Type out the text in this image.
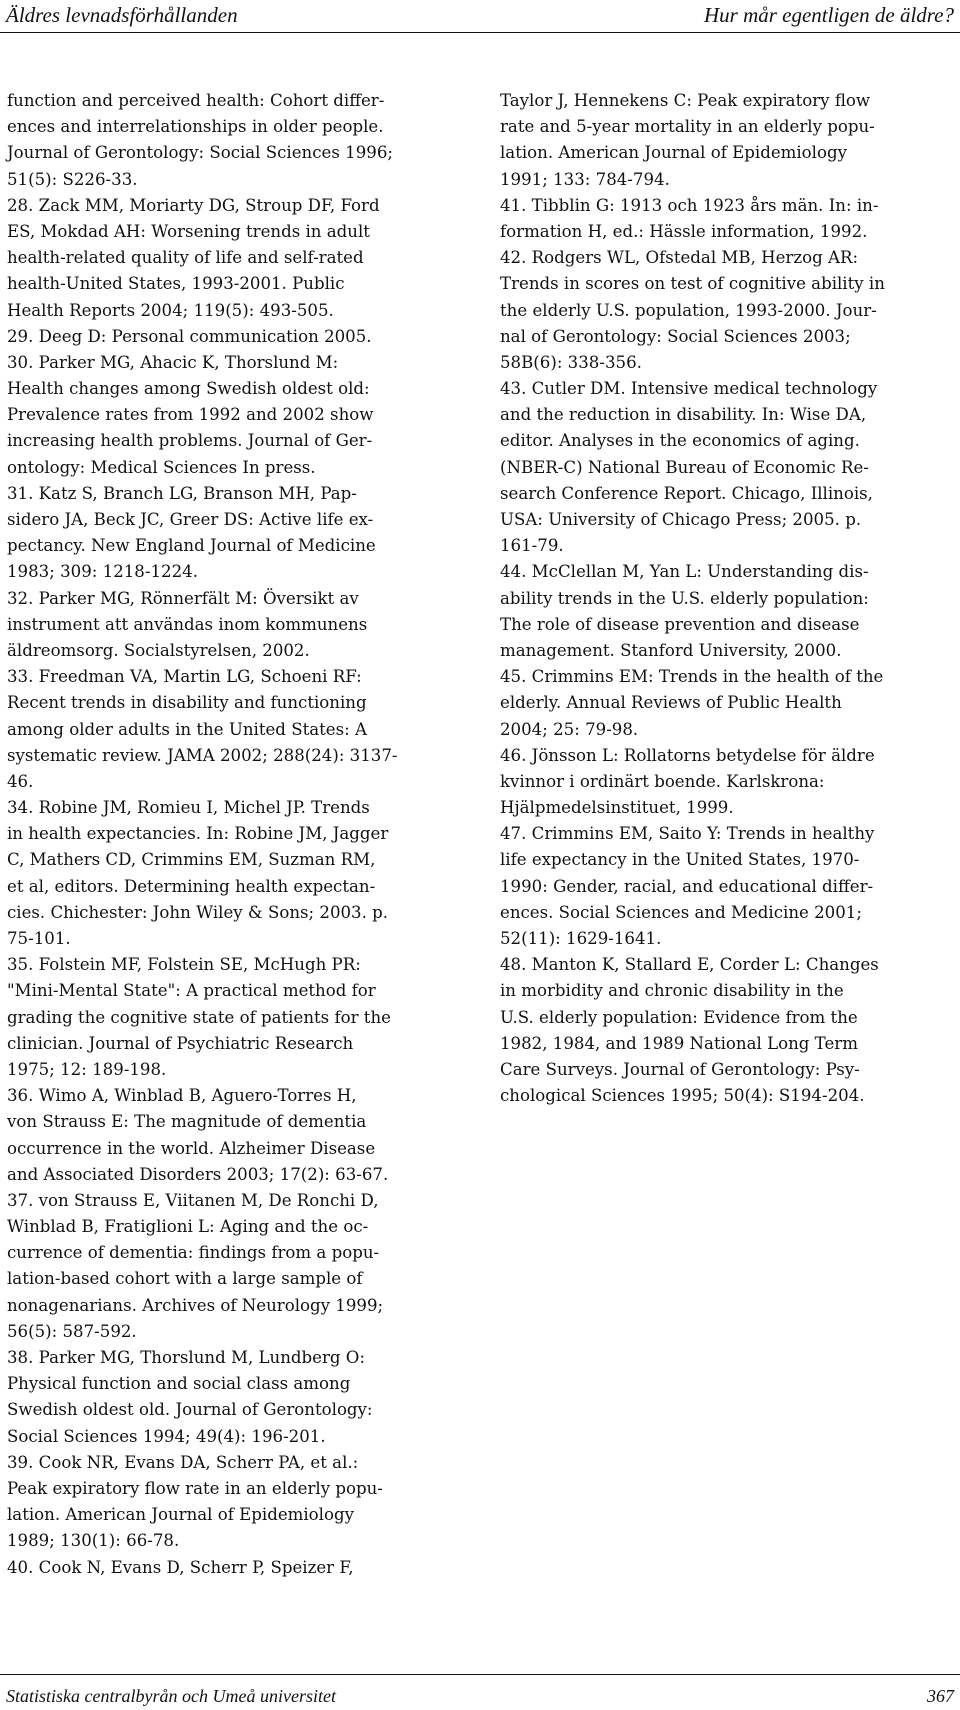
Äldres levnadsförhållanden	Hur mår egentligen de äldre?
function and perceived health: Cohort differ-
ences and interrelationships in older people.
Journal of Gerontology: Social Sciences 1996;
51(5): S226-33.
28. Zack MM, Moriarty DG, Stroup DF, Ford
ES, Mokdad AH: Worsening trends in adult
health-related quality of life and self-rated
health-United States, 1993-2001. Public
Health Reports 2004; 119(5): 493-505.
29. Deeg D: Personal communication 2005.
30. Parker MG, Ahacic K, Thorslund M:
Health changes among Swedish oldest old:
Prevalence rates from 1992 and 2002 show
increasing health problems. Journal of Ger-
ontology: Medical Sciences In press.
31. Katz S, Branch LG, Branson MH, Pap-
sidero JA, Beck JC, Greer DS: Active life ex-
pectancy. New England Journal of Medicine
1983; 309: 1218-1224.
32. Parker MG, Rönnerfält M: Översikt av
instrument att användas inom kommunens
äldreomsorg. Socialstyrelsen, 2002.
33. Freedman VA, Martin LG, Schoeni RF:
Recent trends in disability and functioning
among older adults in the United States: A
systematic review. JAMA 2002; 288(24): 3137-
46.
34. Robine JM, Romieu I, Michel JP. Trends
in health expectancies. In: Robine JM, Jagger
C, Mathers CD, Crimmins EM, Suzman RM,
et al, editors. Determining health expectan-
cies. Chichester: John Wiley & Sons; 2003. p.
75-101.
35. Folstein MF, Folstein SE, McHugh PR:
"Mini-Mental State": A practical method for
grading the cognitive state of patients for the
clinician. Journal of Psychiatric Research
1975; 12: 189-198.
36. Wimo A, Winblad B, Aguero-Torres H,
von Strauss E: The magnitude of dementia
occurrence in the world. Alzheimer Disease
and Associated Disorders 2003; 17(2): 63-67.
37. von Strauss E, Viitanen M, De Ronchi D,
Winblad B, Fratiglioni L: Aging and the oc-
currence of dementia: findings from a popu-
lation-based cohort with a large sample of
nonagenarians. Archives of Neurology 1999;
56(5): 587-592.
38. Parker MG, Thorslund M, Lundberg O:
Physical function and social class among
Swedish oldest old. Journal of Gerontology:
Social Sciences 1994; 49(4): 196-201.
39. Cook NR, Evans DA, Scherr PA, et al.:
Peak expiratory flow rate in an elderly popu-
lation. American Journal of Epidemiology
1989; 130(1): 66-78.
40. Cook N, Evans D, Scherr P, Speizer F,
Taylor J, Hennekens C: Peak expiratory flow
rate and 5-year mortality in an elderly popu-
lation. American Journal of Epidemiology
1991; 133: 784-794.
41. Tibblin G: 1913 och 1923 års män. In: in-
formation H, ed.: Hässle information, 1992.
42. Rodgers WL, Ofstedal MB, Herzog AR:
Trends in scores on test of cognitive ability in
the elderly U.S. population, 1993-2000. Jour-
nal of Gerontology: Social Sciences 2003;
58B(6): 338-356.
43. Cutler DM. Intensive medical technology
and the reduction in disability. In: Wise DA,
editor. Analyses in the economics of aging.
(NBER-C) National Bureau of Economic Re-
search Conference Report. Chicago, Illinois,
USA: University of Chicago Press; 2005. p.
161-79.
44. McClellan M, Yan L: Understanding dis-
ability trends in the U.S. elderly population:
The role of disease prevention and disease
management. Stanford University, 2000.
45. Crimmins EM: Trends in the health of the
elderly. Annual Reviews of Public Health
2004; 25: 79-98.
46. Jönsson L: Rollatorns betydelse för äldre
kvinnor i ordinärt boende. Karlskrona:
Hjälpmedelsinstituet, 1999.
47. Crimmins EM, Saito Y: Trends in healthy
life expectancy in the United States, 1970-
1990: Gender, racial, and educational differ-
ences. Social Sciences and Medicine 2001;
52(11): 1629-1641.
48. Manton K, Stallard E, Corder L: Changes
in morbidity and chronic disability in the
U.S. elderly population: Evidence from the
1982, 1984, and 1989 National Long Term
Care Surveys. Journal of Gerontology: Psy-
chological Sciences 1995; 50(4): S194-204.
Statistiska centralbyrån och Umeå universitet	367
